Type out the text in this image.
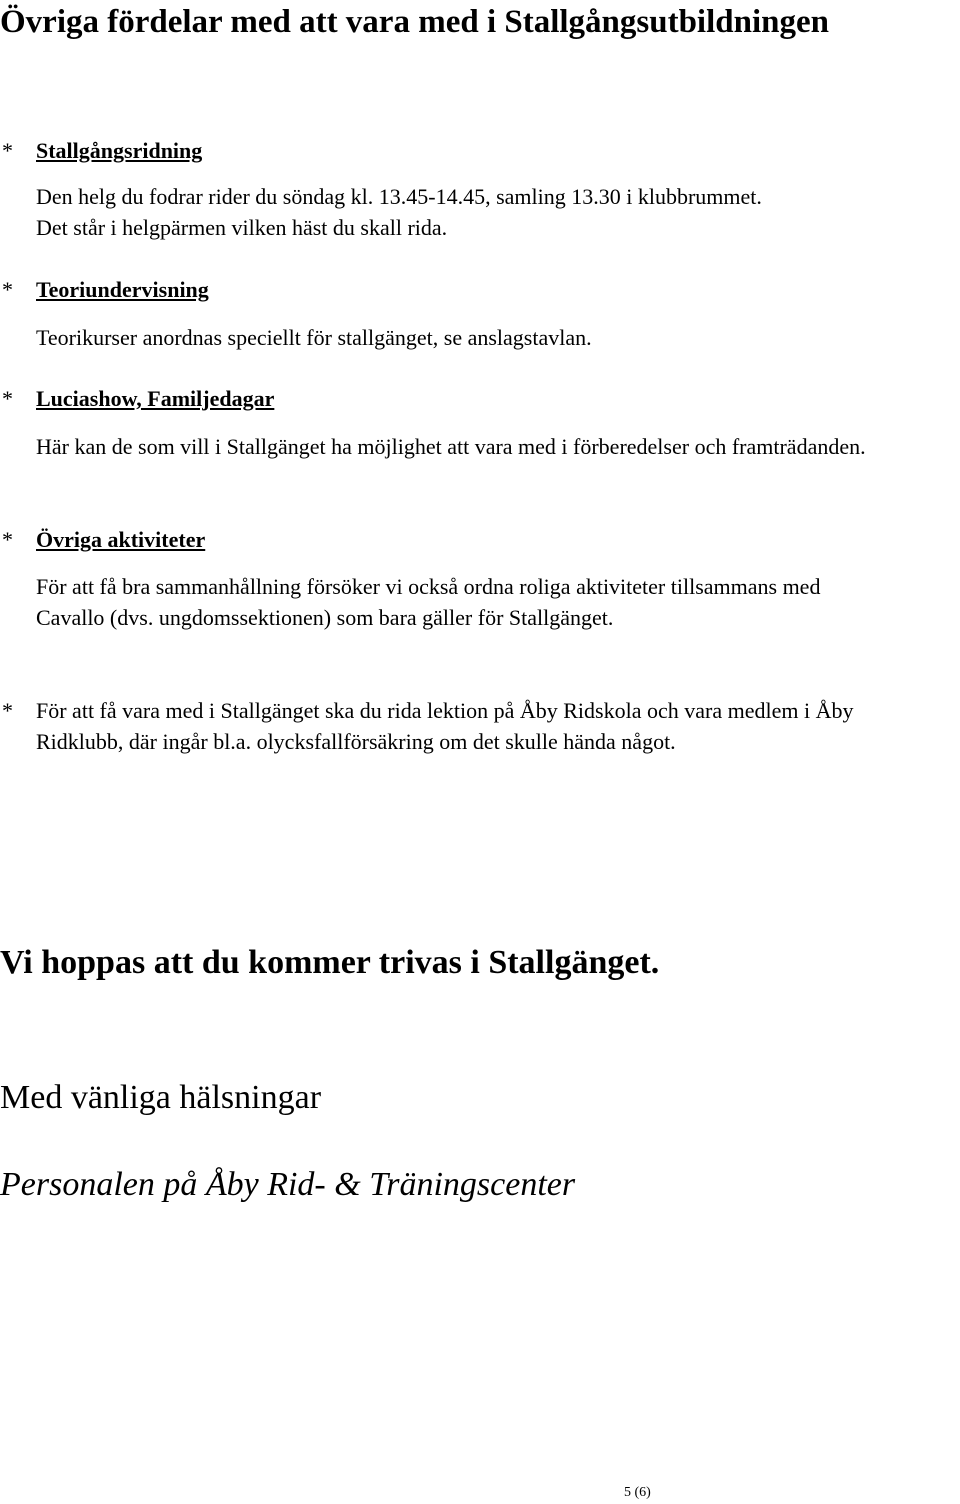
Övriga fördelar med att vara med i Stallgångsutbildningen
* Stallgångsridning
Den helg du fodrar rider du söndag kl. 13.45-14.45, samling 13.30 i klubbrummet. Det står i helgpärmen vilken häst du skall rida.
* Teoriundervisning
Teorikurser anordnas speciellt för stallgänget, se anslagstavlan.
* Luciashow, Familjedagar
Här kan de som vill i Stallgänget ha möjlighet att vara med i förberedelser och framträdanden.
* Övriga aktiviteter
För att få bra sammanhållning försöker vi också ordna roliga aktiviteter tillsammans med Cavallo (dvs. ungdomssektionen) som bara gäller för Stallgänget.
* För att få vara med i Stallgänget ska du rida lektion på Åby Ridskola och vara medlem i Åby Ridklubb, där ingår bl.a. olycksfallförsäkring om det skulle hända något.

Vi hoppas att du kommer trivas i Stallgänget.

Med vänliga hälsningar

Personalen på Åby Rid- & Träningscenter

5 (6)
